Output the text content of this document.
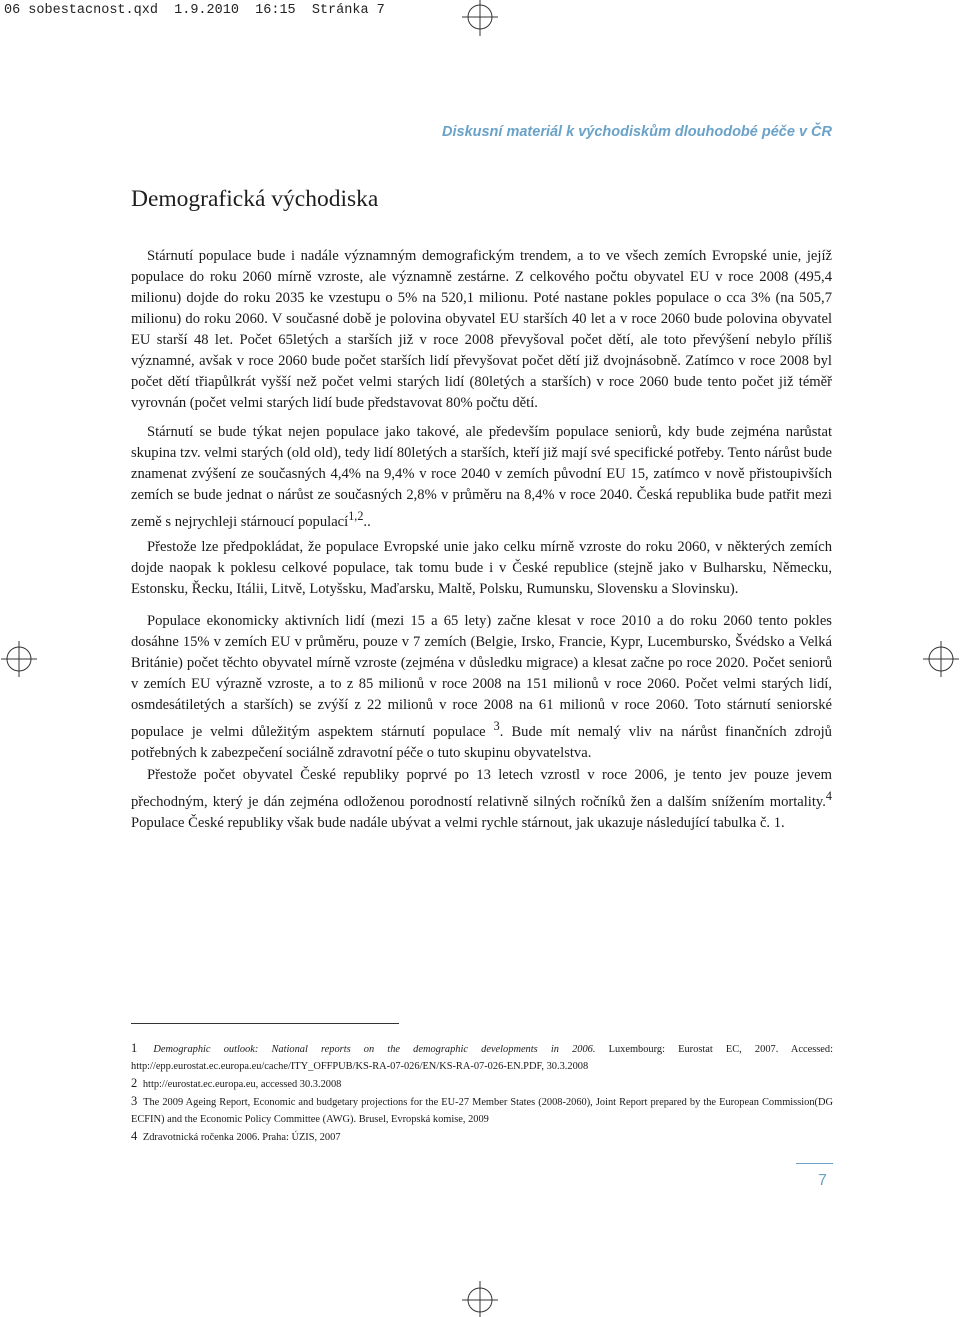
06 sobestacnost.qxd  1.9.2010  16:15  Stránka 7
Diskusní materiál k východiskům dlouhodobé péče v ČR
Demografická východiska

Stárnutí populace bude i nadále významným demografickým trendem, a to ve všech zemích Evropské unie, jejíž populace do roku 2060 mírně vzroste, ale významně zestárne. Z celkového počtu obyvatel EU v roce 2008 (495,4 milionu) dojde do roku 2035 ke vzestupu o 5% na 520,1 milionu. Poté nastane pokles populace o cca 3% (na 505,7 milionu) do roku 2060. V současné době je polovina obyvatel EU starších 40 let a v roce 2060 bude polovina obyvatel EU starší 48 let. Počet 65letých a starších již v roce 2008 převyšoval počet dětí, ale toto převýšení nebylo příliš významné, avšak v roce 2060 bude počet starších lidí převyšovat počet dětí již dvojnásobně. Zatímco v roce 2008 byl počet dětí třiapůlkrát vyšší než počet velmi starých lidí (80letých a starších) v roce 2060 bude tento počet již téměř vyrovnán (počet velmi starých lidí bude představovat 80% počtu dětí.

Stárnutí se bude týkat nejen populace jako takové, ale především populace seniorů, kdy bude zejména narůstat skupina tzv. velmi starých (old old), tedy lidí 80letých a starších, kteří již mají své specifické potřeby. Tento nárůst bude znamenat zvýšení ze současných 4,4% na 9,4% v roce 2040 v zemích původní EU 15, zatímco v nově přistoupivších zemích se bude jednat o nárůst ze současných 2,8% v průměru na 8,4% v roce 2040. Česká republika bude patřit mezi země s nejrychleji stárnoucí populací$^{1,2}$..

Přestože lze předpokládat, že populace Evropské unie jako celku mírně vzroste do roku 2060, v některých zemích dojde naopak k poklesu celkové populace, tak tomu bude i v České republice (stejně jako v Bulharsku, Německu, Estonsku, Řecku, Itálii, Litvě, Lotyšsku, Maďarsku, Maltě, Polsku, Rumunsku, Slovensku a Slovinsku).

Populace ekonomicky aktivních lidí (mezi 15 a 65 lety) začne klesat v roce 2010 a do roku 2060 tento pokles dosáhne 15% v zemích EU v průměru, pouze v 7 zemích (Belgie, Irsko, Francie, Kypr, Lucembursko, Švédsko a Velká Británie) počet těchto obyvatel mírně vzroste (zejména v důsledku migrace) a klesat začne po roce 2020. Počet seniorů v zemích EU výrazně vzroste, a to z 85 milionů v roce 2008 na 151 milionů v roce 2060. Počet velmi starých lidí, osmdesátiletých a starších) se zvýší z 22 milionů v roce 2008 na 61 milionů v roce 2060. Toto stárnutí seniorské populace je velmi důležitým aspektem stárnutí populace $^3$. Bude mít nemalý vliv na nárůst finančních zdrojů potřebných k zabezpečení sociálně zdravotní péče o tuto skupinu obyvatelstva.

Přestože počet obyvatel České republiky poprvé po 13 letech vzrostl v roce 2006, je tento jev pouze jevem přechodným, který je dán zejména odloženou porodností relativně silných ročníků žen a dalším snížením mortality.$^4$ Populace České republiky však bude nadále ubývat a velmi rychle stárnout, jak ukazuje následující tabulka č. 1.

1 Demographic outlook: National reports on the demographic developments in 2006. Luxembourg: Eurostat EC, 2007. Accessed: http://epp.eurostat.ec.europa.eu/cache/ITY_OFFPUB/KS-RA-07-026/EN/KS-RA-07-026-EN.PDF, 30.3.2008

2 http://eurostat.ec.europa.eu, accessed 30.3.2008

3 The 2009 Ageing Report, Economic and budgetary projections for the EU-27 Member States (2008-2060), Joint Report prepared by the European Commission(DG ECFIN) and the Economic Policy Committee (AWG). Brusel, Evropská komise, 2009

4 Zdravotnická ročenka 2006. Praha: ÚZIS, 2007

7
